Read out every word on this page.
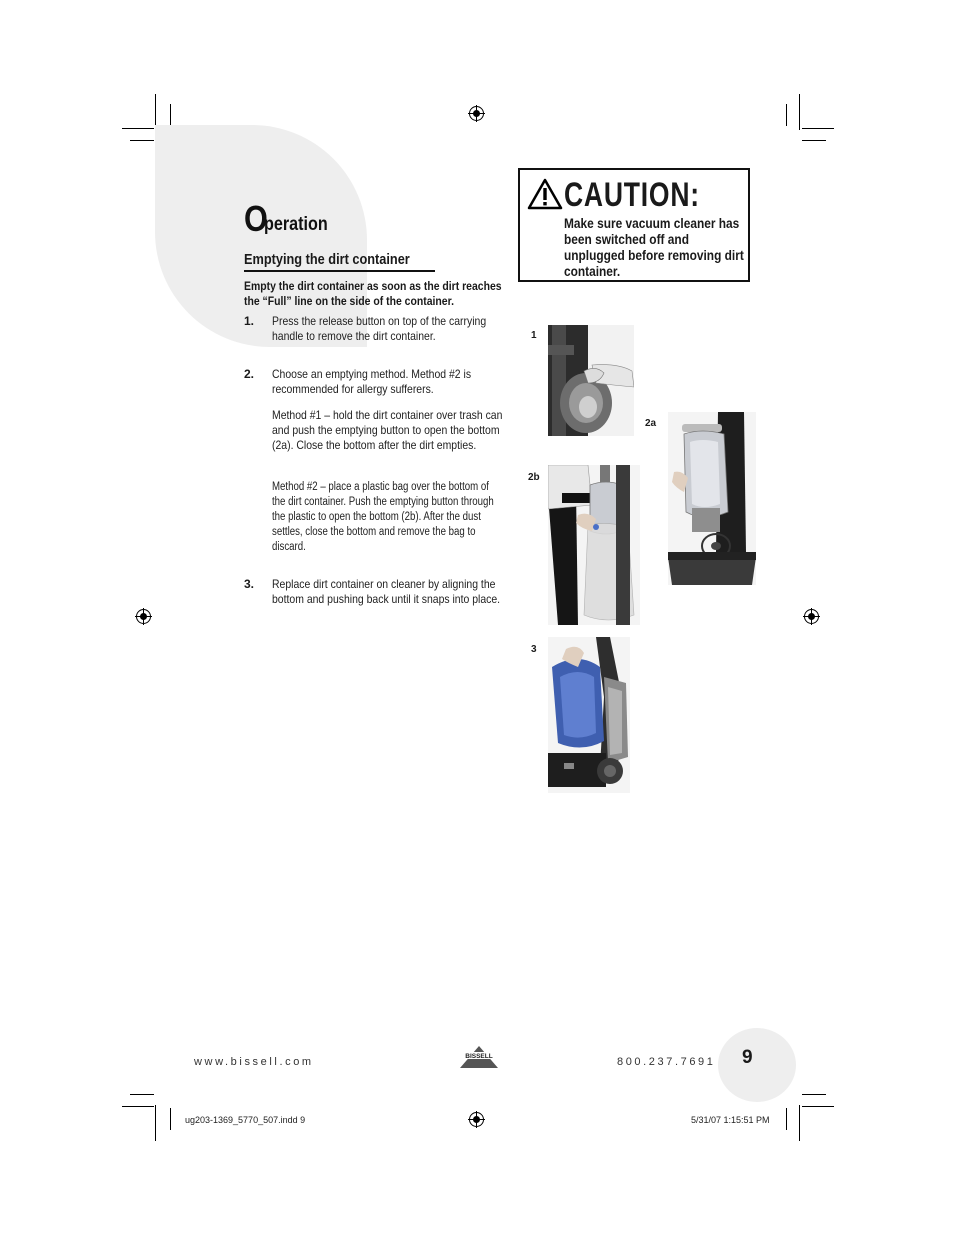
O
peration
Emptying the dirt container
Empty the dirt container as soon as the dirt reaches the “Full” line on the side of the container.
1. Press the release button on top of the carrying handle to remove the dirt container.
2. Choose an emptying method. Method #2 is recommended for allergy sufferers.
Method #1 – hold the dirt container over trash can and push the emptying button to open the bottom (2a). Close the bottom after the dirt empties.
Method #2 – place a plastic bag over the bottom of the dirt container. Push the emptying button through the plastic to open the bottom (2b). After the dust settles, close the bottom and remove the bag to discard.
3. Replace dirt container on cleaner by aligning the bottom and pushing back until it snaps into place.
CAUTION:
Make sure vacuum cleaner has been switched off and unplugged before removing dirt container.
1
2a
2b
3
www.bissell.com	BISSELL	800.237.7691 9
ug203-1369_5770_507.indd 9	5/31/07 1:15:51 PM
